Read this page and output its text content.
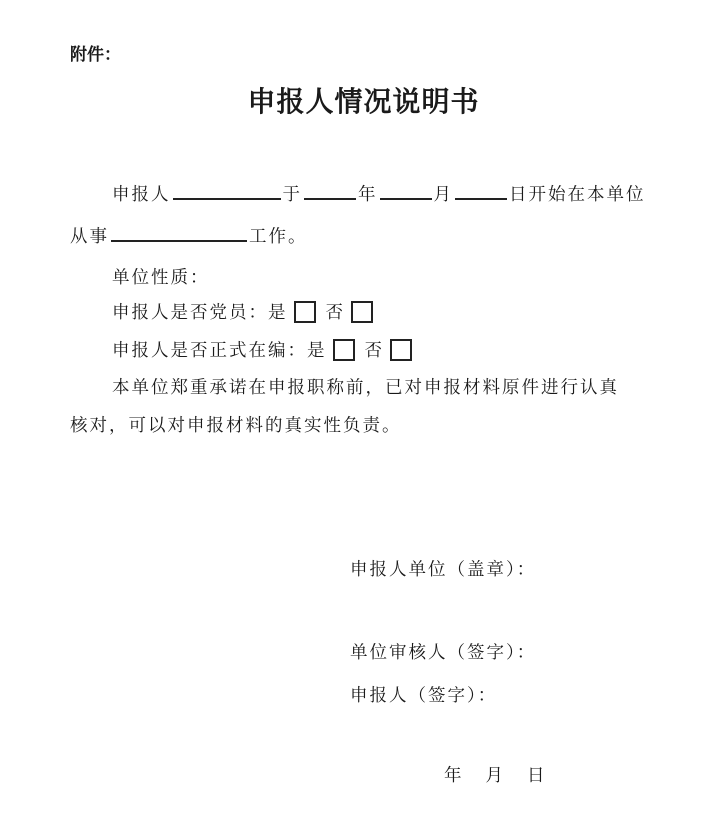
附件：
申报人情况说明书
申报人	于	年	月	日开始在本单位
从事	工作。
单位性质：
申报人是否党员：是 否
申报人是否正式在编：是 否
本单位郑重承诺在申报职称前，已对申报材料原件进行认真
核对，可以对申报材料的真实性负责。
申报人单位（盖章）：
单位审核人（签字）：
申报人（签字）：
年 月 日
